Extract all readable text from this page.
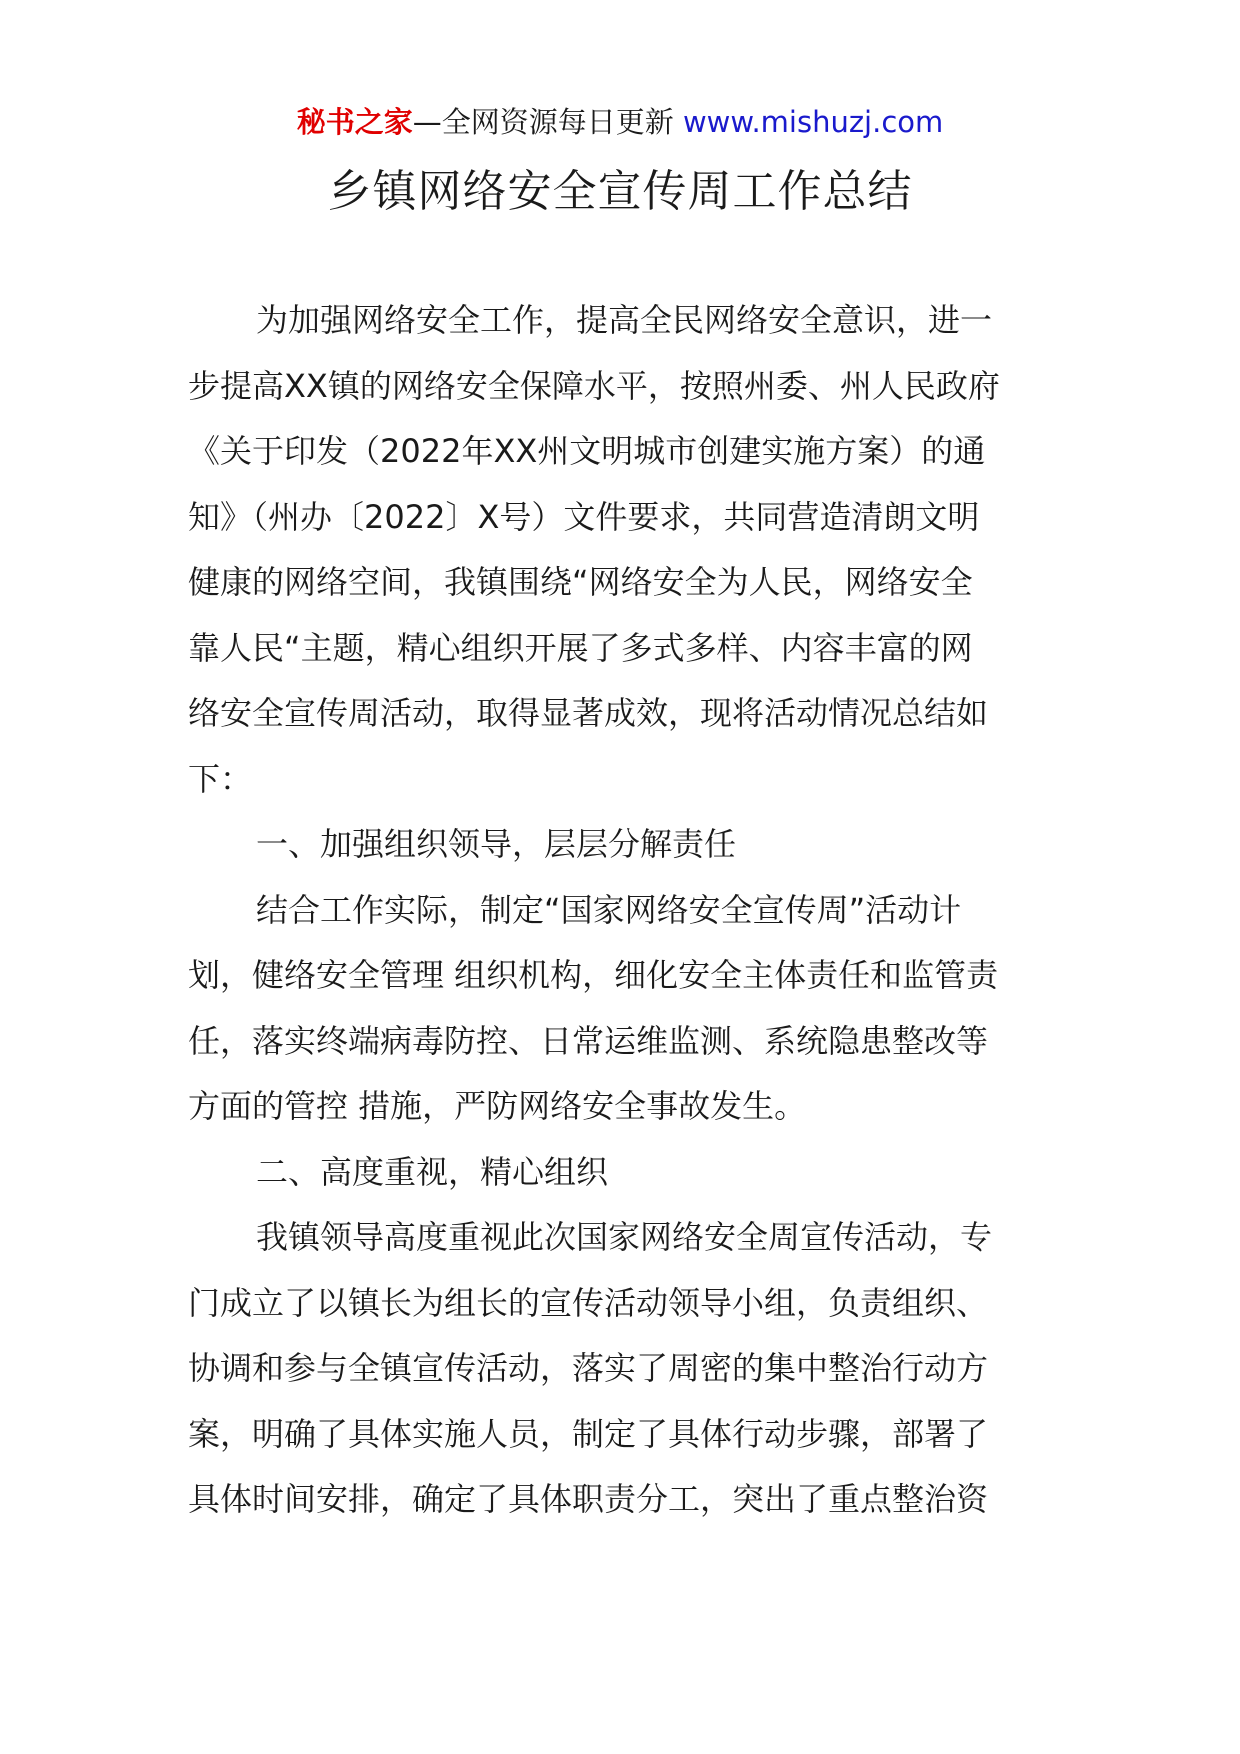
秘书之家—全网资源每日更新 www.mishuzj.com
乡镇网络安全宣传周工作总结
为加强网络安全工作，提高全民网络安全意识，进一
步提高XX镇的网络安全保障水平，按照州委、州人民政府
《关于印发（2022年XX州文明城市创建实施方案）的通
知》（州办〔2022〕X号）文件要求，共同营造清朗文明
健康的网络空间，我镇围绕“网络安全为人民，网络安全
靠人民“主题，精心组织开展了多式多样、内容丰富的网
络安全宣传周活动，取得显著成效，现将活动情况总结如
下：
一、加强组织领导，层层分解责任
结合工作实际，制定“国家网络安全宣传周”活动计
划，健络安全管理 组织机构，细化安全主体责任和监管责
任，落实终端病毒防控、日常运维监测、系统隐患整改等
方面的管控 措施，严防网络安全事故发生。
二、高度重视，精心组织
我镇领导高度重视此次国家网络安全周宣传活动，专
门成立了以镇长为组长的宣传活动领导小组，负责组织、
协调和参与全镇宣传活动，落实了周密的集中整治行动方
案，明确了具体实施人员，制定了具体行动步骤，部署了
具体时间安排，确定了具体职责分工，突出了重点整治资
